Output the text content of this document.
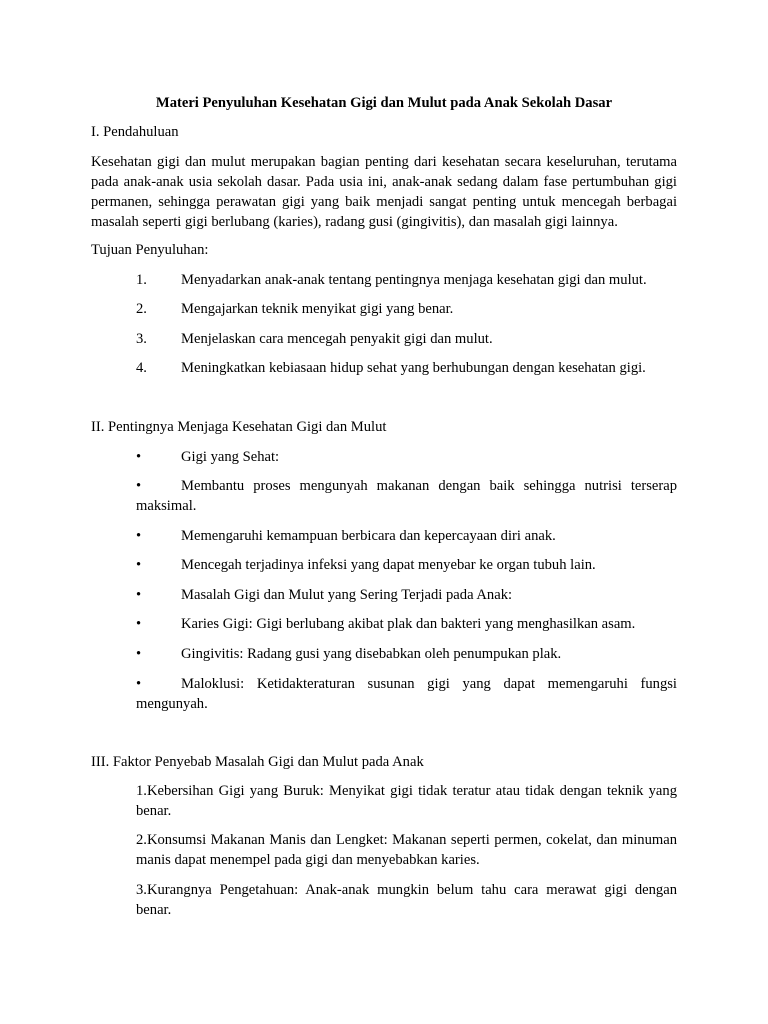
Materi Penyuluhan Kesehatan Gigi dan Mulut pada Anak Sekolah Dasar
I. Pendahuluan
Kesehatan gigi dan mulut merupakan bagian penting dari kesehatan secara keseluruhan, terutama pada anak-anak usia sekolah dasar. Pada usia ini, anak-anak sedang dalam fase pertumbuhan gigi permanen, sehingga perawatan gigi yang baik menjadi sangat penting untuk mencegah berbagai masalah seperti gigi berlubang (karies), radang gusi (gingivitis), dan masalah gigi lainnya.
Tujuan Penyuluhan:
1. Menyadarkan anak-anak tentang pentingnya menjaga kesehatan gigi dan mulut.
2. Mengajarkan teknik menyikat gigi yang benar.
3. Menjelaskan cara mencegah penyakit gigi dan mulut.
4. Meningkatkan kebiasaan hidup sehat yang berhubungan dengan kesehatan gigi.
II. Pentingnya Menjaga Kesehatan Gigi dan Mulut
•	Gigi yang Sehat:
•	Membantu proses mengunyah makanan dengan baik sehingga nutrisi terserap maksimal.
•	Memengaruhi kemampuan berbicara dan kepercayaan diri anak.
•	Mencegah terjadinya infeksi yang dapat menyebar ke organ tubuh lain.
•	Masalah Gigi dan Mulut yang Sering Terjadi pada Anak:
•	Karies Gigi: Gigi berlubang akibat plak dan bakteri yang menghasilkan asam.
•	Gingivitis: Radang gusi yang disebabkan oleh penumpukan plak.
•	Maloklusi: Ketidakteraturan susunan gigi yang dapat memengaruhi fungsi mengunyah.
III. Faktor Penyebab Masalah Gigi dan Mulut pada Anak
1.Kebersihan Gigi yang Buruk: Menyikat gigi tidak teratur atau tidak dengan teknik yang benar.
2.Konsumsi Makanan Manis dan Lengket: Makanan seperti permen, cokelat, dan minuman manis dapat menempel pada gigi dan menyebabkan karies.
3.Kurangnya Pengetahuan: Anak-anak mungkin belum tahu cara merawat gigi dengan benar.
